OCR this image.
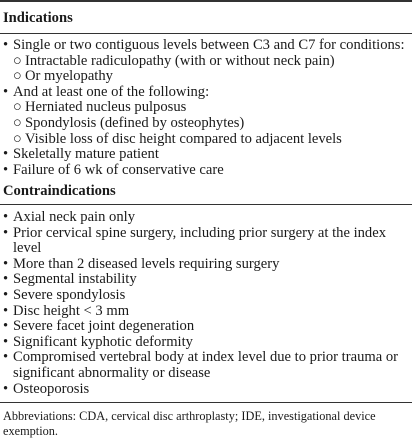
Indications
• Single or two contiguous levels between C3 and C7 for conditions:
○ Intractable radiculopathy (with or without neck pain)
○ Or myelopathy
• And at least one of the following:
○ Herniated nucleus pulposus
○ Spondylosis (defined by osteophytes)
○ Visible loss of disc height compared to adjacent levels
• Skeletally mature patient
• Failure of 6 wk of conservative care
Contraindications
• Axial neck pain only
• Prior cervical spine surgery, including prior surgery at the index
level
• More than 2 diseased levels requiring surgery
• Segmental instability
• Severe spondylosis
• Disc height < 3 mm
• Severe facet joint degeneration
• Significant kyphotic deformity
• Compromised vertebral body at index level due to prior trauma or
significant abnormality or disease
• Osteoporosis
Abbreviations: CDA, cervical disc arthroplasty; IDE, investigational device exemption.
